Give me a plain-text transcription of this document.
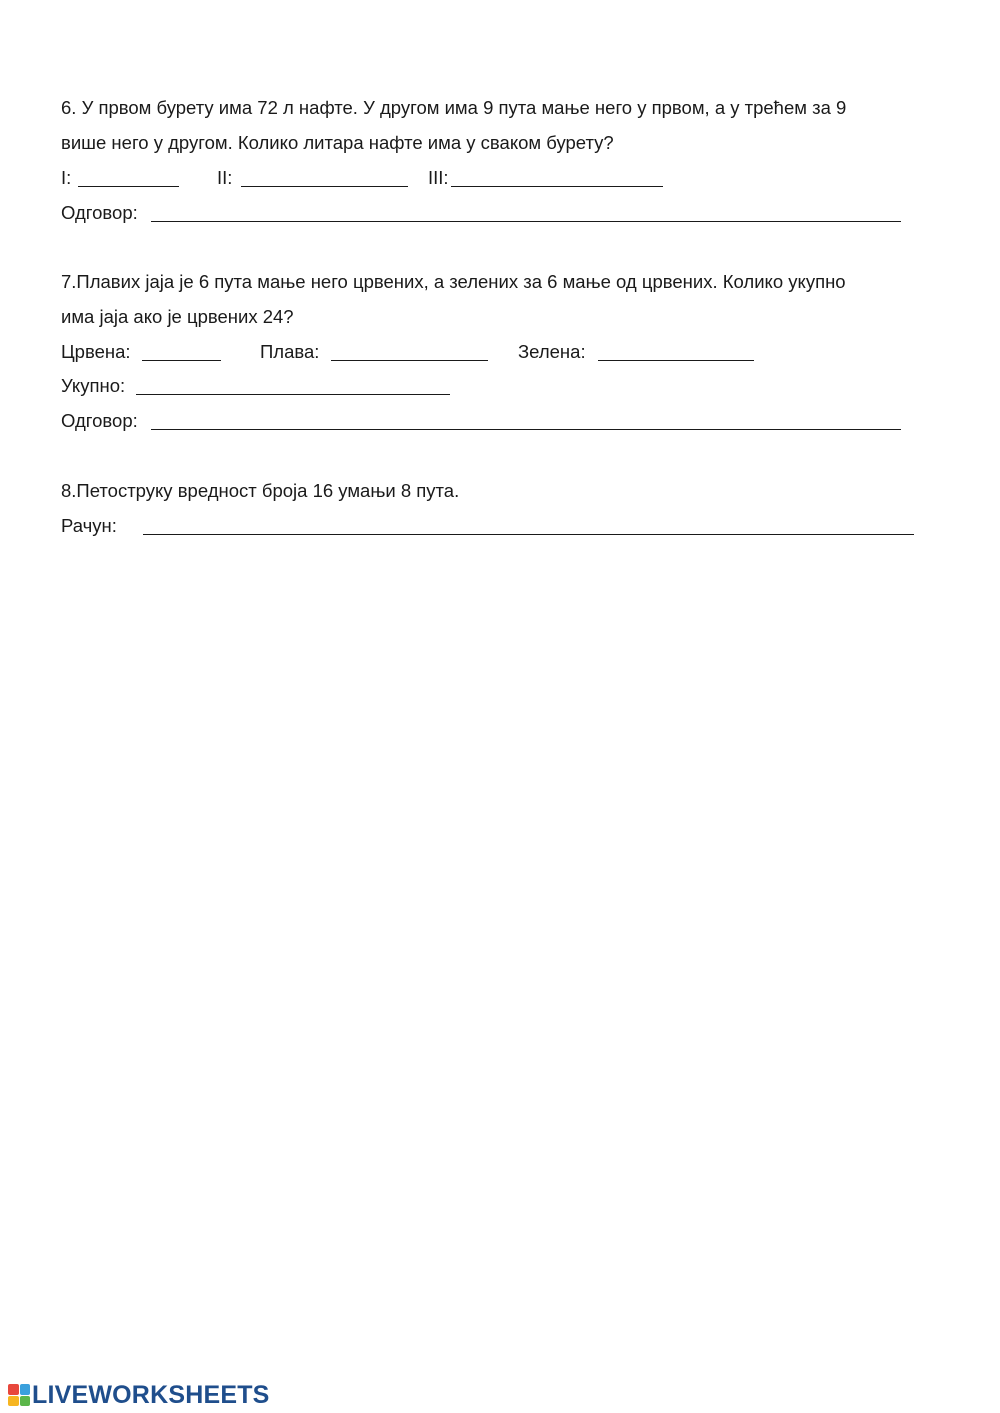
6. У првом бурету има 72 л нафте. У другом има 9 пута мање него у првом, а у трећем за 9
више него у другом. Колико литара нафте има у сваком бурету?
I:	II:	III:
Одговор:
7.Плавих јаја је 6 пута мање него црвених, а зелених за 6 мање од црвених. Колико укупно
има јаја ако је црвених 24?
Црвена:	Плава:	Зелена:
Укупно:
Одговор:
8.Петоструку вредност броја 16 умањи 8 пута.
Рачун:
LIVEWORKSHEETS
